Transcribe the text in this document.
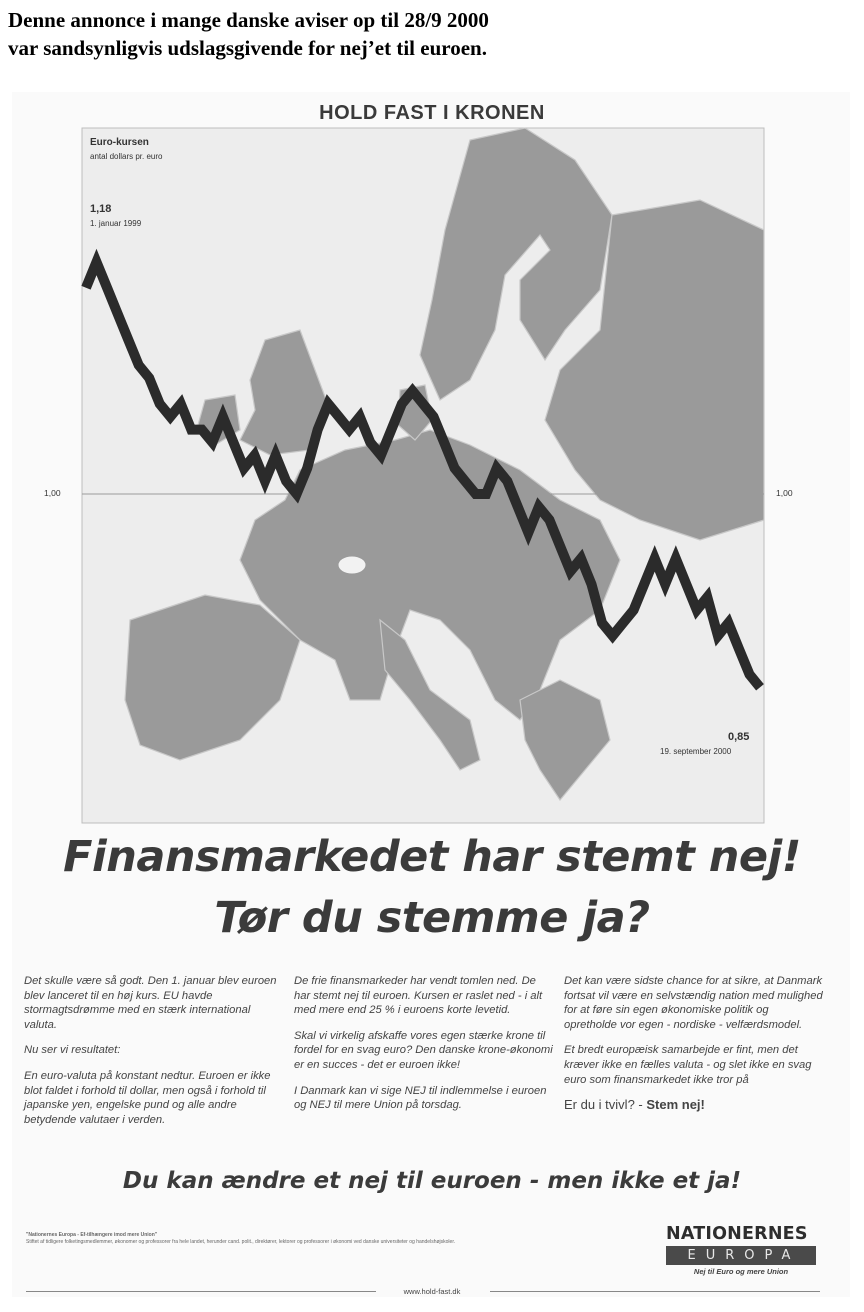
Denne annonce i mange danske aviser op til 28/9 2000
var sandsynligvis udslagsgivende for nej’et til euroen.
Euro-kursen
antal dollars pr. euro
1,18
1. januar 1999
1,00	1,00
0,85
19. september 2000
HOLD FAST I KRONEN
Finansmarkedet har stemt nej!
Tør du stemme ja?

Det skulle være så godt. Den 1. januar blev euroen blev lanceret til en høj kurs. EU havde stormagtsdrømme med en stærk international valuta.

Nu ser vi resultatet:

En euro-valuta på konstant nedtur. Euroen er ikke blot faldet i forhold til dollar, men også i forhold til japanske yen, engelske pund og alle andre betydende valutaer i verden.

De frie finansmarkeder har vendt tomlen ned. De har stemt nej til euroen. Kursen er raslet ned - i alt med mere end 25 % i euroens korte levetid.

Skal vi virkelig afskaffe vores egen stærke krone til fordel for en svag euro? Den danske krone-økonomi er en succes - det er euroen ikke!

I Danmark kan vi sige NEJ til indlemmelse i euroen og NEJ til mere Union på torsdag.

Det kan være sidste chance for at sikre, at Danmark fortsat vil være en selvstændig nation med mulighed for at føre sin egen økonomiske politik og opretholde vor egen - nordiske - velfærdsmodel.

Et bredt europæisk samarbejde er fint, men det kræver ikke en fælles valuta - og slet ikke en svag euro som finansmarkedet ikke tror på

Er du i tvivl? - Stem nej!

Du kan ændre et nej til euroen - men ikke et ja!
"Nationernes Europa - Ef-tilhængere imod mere Union"
Stiftet af tidligere folketingsmedlemmer, økonomer og professorer fra hele landet, herunder cand. polit., direktører, lektorer og professorer i økonomi ved danske universiteter og handelshøjskoler.
www.hold-fast.dk
NATIONERNES
EUROPA
Nej til Euro og mere Union
